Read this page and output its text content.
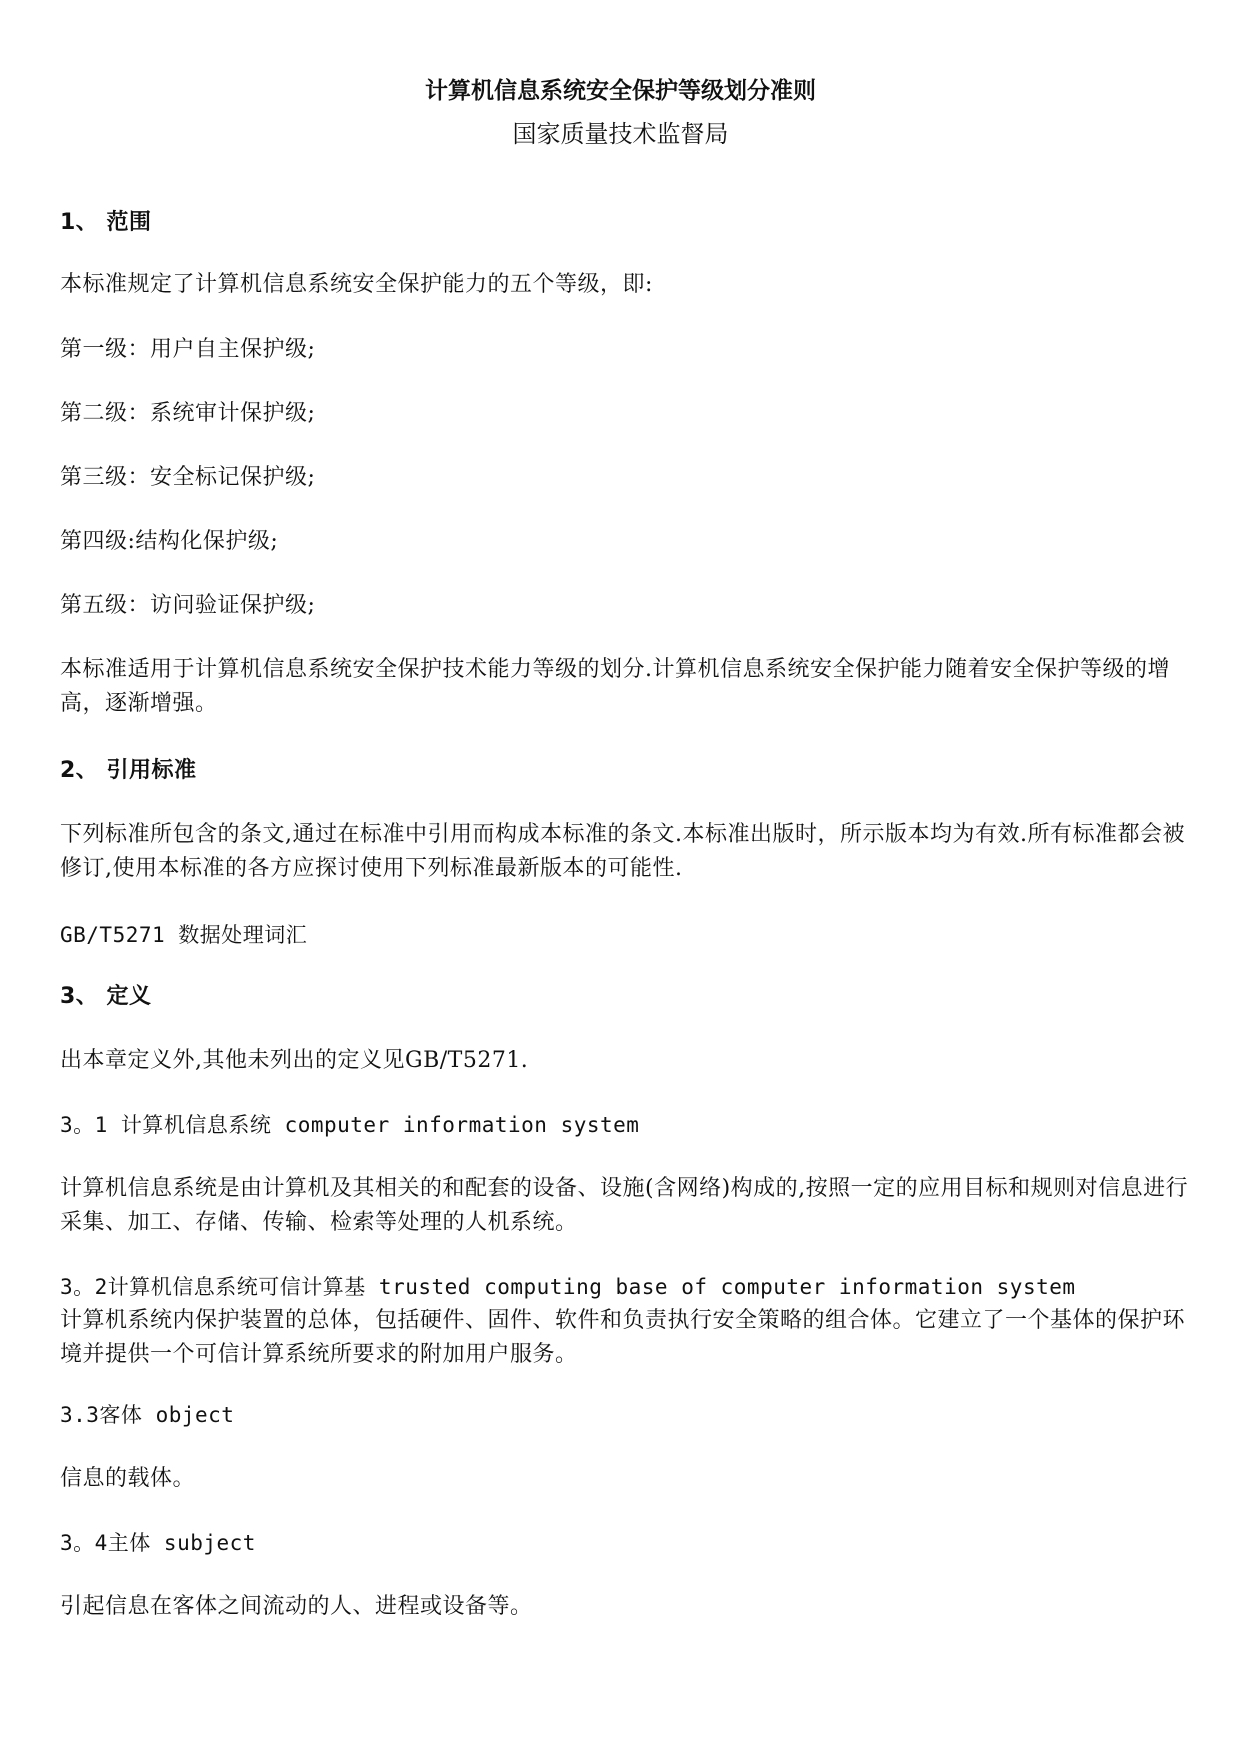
计算机信息系统安全保护等级划分准则
国家质量技术监督局
1、 范围
本标准规定了计算机信息系统安全保护能力的五个等级，即:
第一级：用户自主保护级;
第二级：系统审计保护级;
第三级：安全标记保护级;
第四级:结构化保护级;
第五级：访问验证保护级;
本标准适用于计算机信息系统安全保护技术能力等级的划分.计算机信息系统安全保护能力随着安全保护等级的增高，逐渐增强。
2、 引用标准
下列标准所包含的条文,通过在标准中引用而构成本标准的条文.本标准出版时，所示版本均为有效.所有标准都会被修订,使用本标准的各方应探讨使用下列标准最新版本的可能性.
GB/T5271 数据处理词汇
3、 定义
出本章定义外,其他未列出的定义见GB/T5271.
3。1 计算机信息系统 computer information system
计算机信息系统是由计算机及其相关的和配套的设备、设施(含网络)构成的,按照一定的应用目标和规则对信息进行采集、加工、存储、传输、检索等处理的人机系统。
3。2计算机信息系统可信计算基 trusted computing base of computer information system
计算机系统内保护装置的总体，包括硬件、固件、软件和负责执行安全策略的组合体。它建立了一个基体的保护环境并提供一个可信计算系统所要求的附加用户服务。
3.3客体 object
信息的载体。
3。4主体 subject
引起信息在客体之间流动的人、进程或设备等。
